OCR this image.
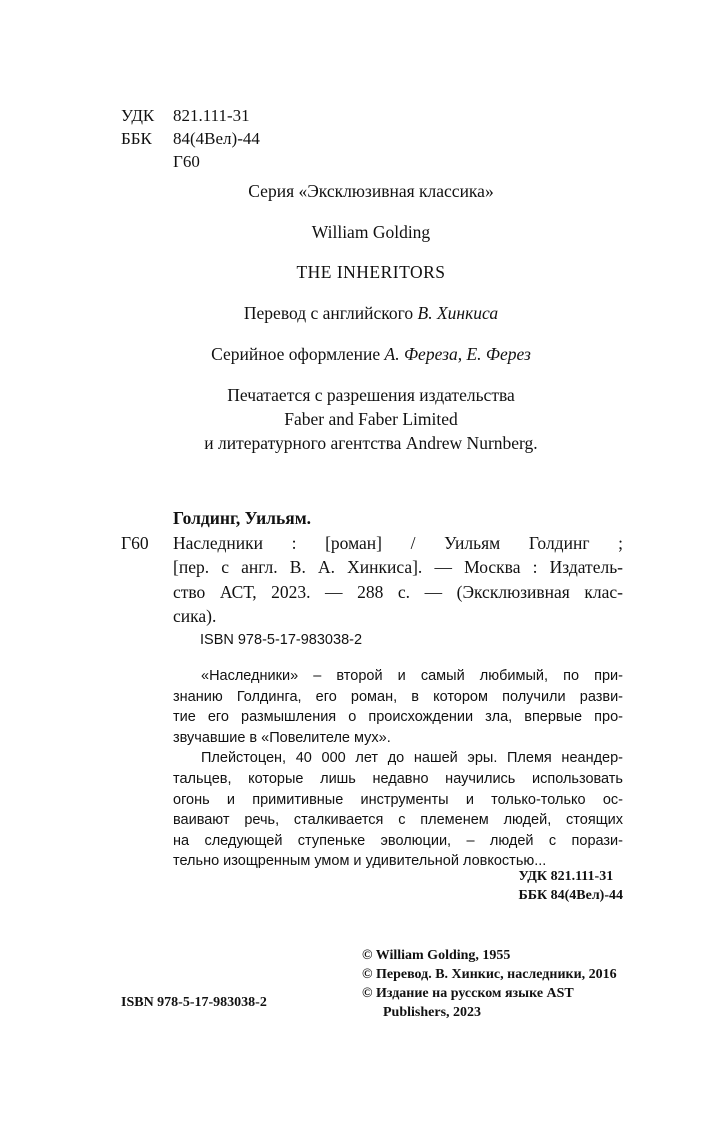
УДК	821.111-31
ББК	84(4Вел)-44
Г60
Серия «Эксклюзивная классика»
William Golding
THE INHERITORS
Перевод с английского В. Хинкиса
Серийное оформление А. Фереза, Е. Ферез
Печатается с разрешения издательства
Faber and Faber Limited
и литературного агентства Andrew Nurnberg.
Голдинг, Уильям.
Г60 Наследники : [роман] / Уильям Голдинг ;
[пер. с англ. В. А. Хинкиса]. — Москва : Издатель-
ство АСТ, 2023. — 288 с. — (Эксклюзивная клас-
сика).
ISBN 978-5-17-983038-2
«Наследники» – второй и самый любимый, по при-
знанию Голдинга, его роман, в котором получили разви-
тие его размышления о происхождении зла, впервые про-
звучавшие в «Повелителе мух».
Плейстоцен, 40 000 лет до нашей эры. Племя неандер-
тальцев, которые лишь недавно научились использовать
огонь и примитивные инструменты и только-только ос-
ваивают речь, сталкивается с племенем людей, стоящих
на следующей ступеньке эволюции, – людей с порази-
тельно изощренным умом и удивительной ловкостью...
УДК 821.111-31
ББК 84(4Вел)-44
© William Golding, 1955
© Перевод. В. Хинкис, наследники, 2016
© Издание на русском языке AST
Publishers, 2023
ISBN 978-5-17-983038-2
